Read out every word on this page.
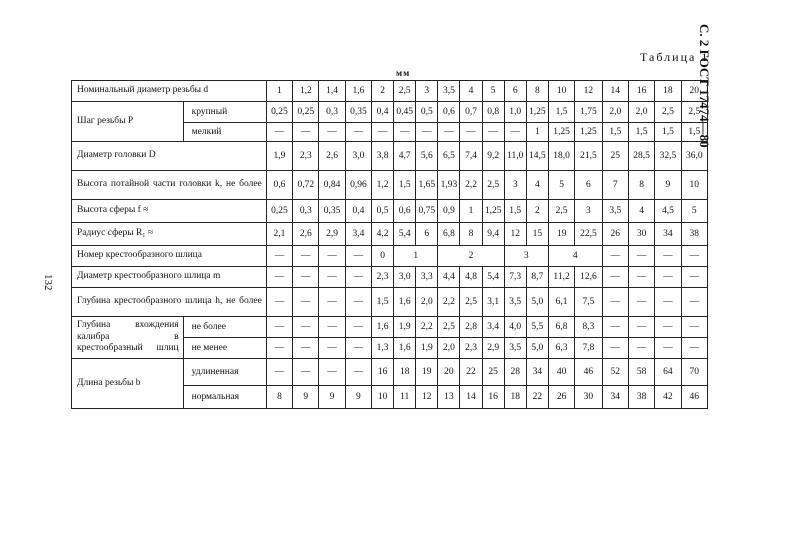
Таблица 1
мм	С. 2 ГОСТ 17474—80
132
Номинальный диаметр резьбы d		1	1,2	1,4	1,6	2	2,5	3	3,5	4	5	6	8	10	12	14	16	18	20
Шаг резьбы P	крупный	0,25	0,25	0,3	0,35	0,4	0,45	0,5	0,6	0,7	0,8	1,0	1,25	1,5	1,75	2,0	2,0	2,5	2,5
	мелкий	—	—	—	—	—	—	—	—	—	—	—	1	1,25	1,25	1,5	1,5	1,5	1,5
Диаметр головки D		1,9	2,3	2,6	3,0	3,8	4,7	5,6	6,5	7,4	9,2	11,0	14,5	18,0	21,5	25	28,5	32,5	36,0
Высота потайной части головки k, не более		0,6	0,72	0,84	0,96	1,2	1,5	1,65	1,93	2,2	2,5	3	4	5	6	7	8	9	10
Высота сферы f ≈		0,25	0,3	0,35	0,4	0,5	0,6	0,75	0,9	1	1,25	1,5	2	2,5	3	3,5	4	4,5	5
Радиус сферы R₁ ≈		2,1	2,6	2,9	3,4	4,2	5,4	6	6,8	8	9,4	12	15	19	22,5	26	30	34	38
Номер крестообразного шлица		—	—	—	—	0	1		2			3		4		—	—	—	—
Диаметр крестообразного шлица m		—	—	—	—	2,3	3,0	3,3	4,4	4,8	5,4	7,3	8,7	11,2	12,6	—	—	—	—
Глубина крестообразного шлица h, не более		—	—	—	—	1,5	1,6	2,0	2,2	2,5	3,1	3,5	5,0	6,1	7,5	—	—	—	—
Глубина вхождения калибра в крестообразный шлиц	не более	—	—	—	—	1,6	1,9	2,2	2,5	2,8	3,4	4,0	5,5	6,8	8,3	—	—	—	—
	не менее	—	—	—	—	1,3	1,6	1,9	2,0	2,3	2,9	3,5	5,0	6,3	7,8	—	—	—	—
Длина резьбы b	удлиненная	—	—	—	—	16	18	19	20	22	25	28	34	40	46	52	58	64	70
	нормальная	8	9	9	9	10	11	12	13	14	16	18	22	26	30	34	38	42	46
